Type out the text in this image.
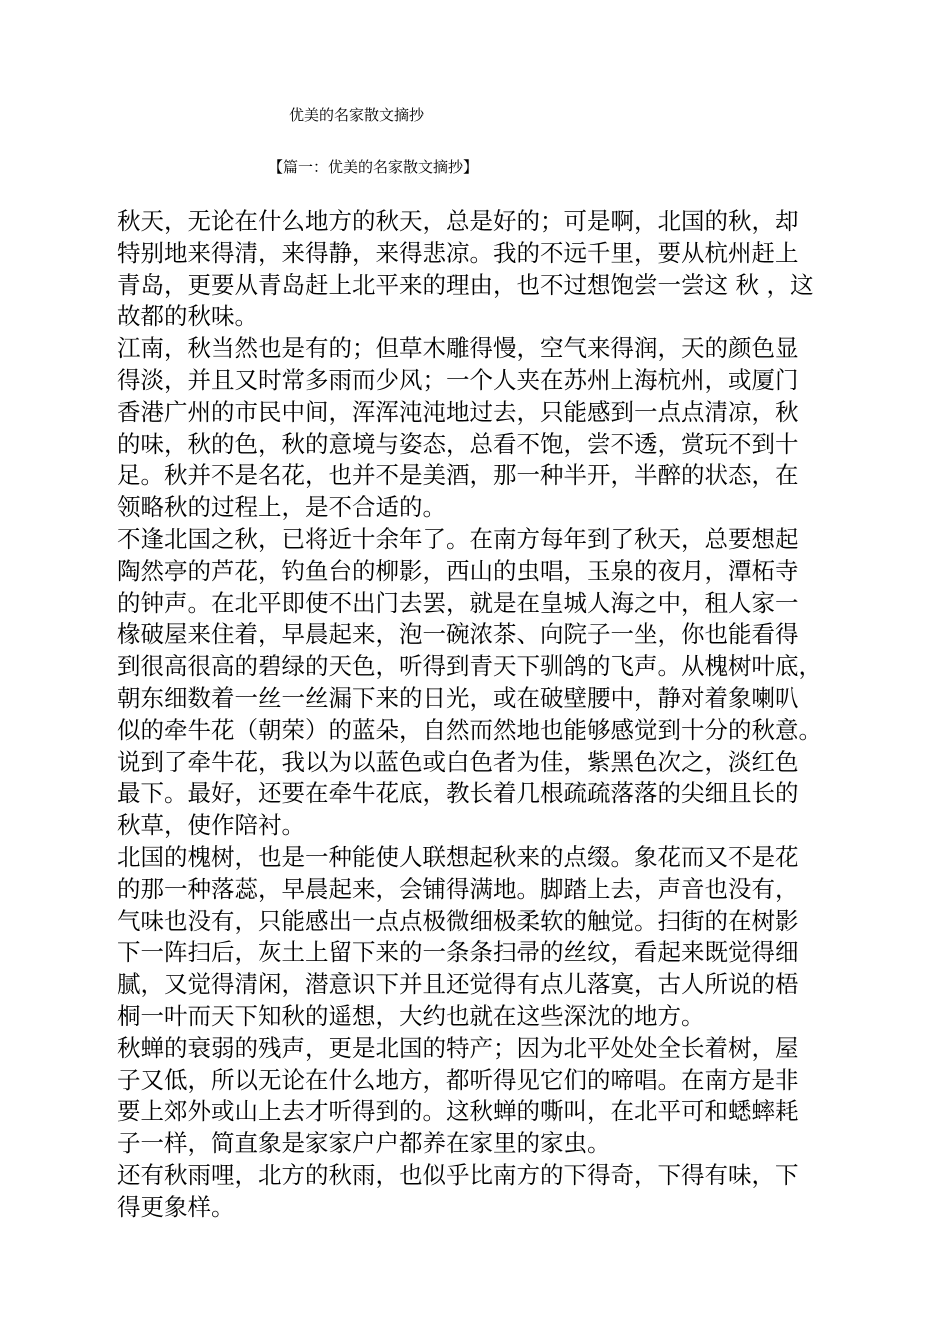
优美的名家散文摘抄
【篇一：优美的名家散文摘抄】
秋天，无论在什么地方的秋天，总是好的；可是啊，北国的秋，却
特别地来得清，来得静，来得悲凉。我的不远千里，要从杭州赶上
青岛，更要从青岛赶上北平来的理由，也不过想饱尝一尝这 秋 ，这
故都的秋味。
江南，秋当然也是有的；但草木雕得慢，空气来得润，天的颜色显
得淡，并且又时常多雨而少风；一个人夹在苏州上海杭州，或厦门
香港广州的市民中间，浑浑沌沌地过去，只能感到一点点清凉，秋
的味，秋的色，秋的意境与姿态，总看不饱，尝不透，赏玩不到十
足。秋并不是名花，也并不是美酒，那一种半开，半醉的状态，在
领略秋的过程上，是不合适的。
不逢北国之秋，已将近十余年了。在南方每年到了秋天，总要想起
陶然亭的芦花，钓鱼台的柳影，西山的虫唱，玉泉的夜月，潭柘寺
的钟声。在北平即使不出门去罢，就是在皇城人海之中，租人家一
椽破屋来住着，早晨起来，泡一碗浓茶、向院子一坐，你也能看得
到很高很高的碧绿的天色，听得到青天下驯鸽的飞声。从槐树叶底，
朝东细数着一丝一丝漏下来的日光，或在破壁腰中，静对着象喇叭
似的牵牛花（朝荣）的蓝朵，自然而然地也能够感觉到十分的秋意。
说到了牵牛花，我以为以蓝色或白色者为佳，紫黑色次之，淡红色
最下。最好，还要在牵牛花底，教长着几根疏疏落落的尖细且长的
秋草，使作陪衬。
北国的槐树，也是一种能使人联想起秋来的点缀。象花而又不是花
的那一种落蕊，早晨起来，会铺得满地。脚踏上去，声音也没有，
气味也没有，只能感出一点点极微细极柔软的触觉。扫街的在树影
下一阵扫后，灰土上留下来的一条条扫帚的丝纹，看起来既觉得细
腻，又觉得清闲，潜意识下并且还觉得有点儿落寞，古人所说的梧
桐一叶而天下知秋的遥想，大约也就在这些深沈的地方。
秋蝉的衰弱的残声，更是北国的特产；因为北平处处全长着树，屋
子又低，所以无论在什么地方，都听得见它们的啼唱。在南方是非
要上郊外或山上去才听得到的。这秋蝉的嘶叫，在北平可和蟋蟀耗
子一样，简直象是家家户户都养在家里的家虫。
还有秋雨哩，北方的秋雨，也似乎比南方的下得奇，下得有味，下
得更象样。
